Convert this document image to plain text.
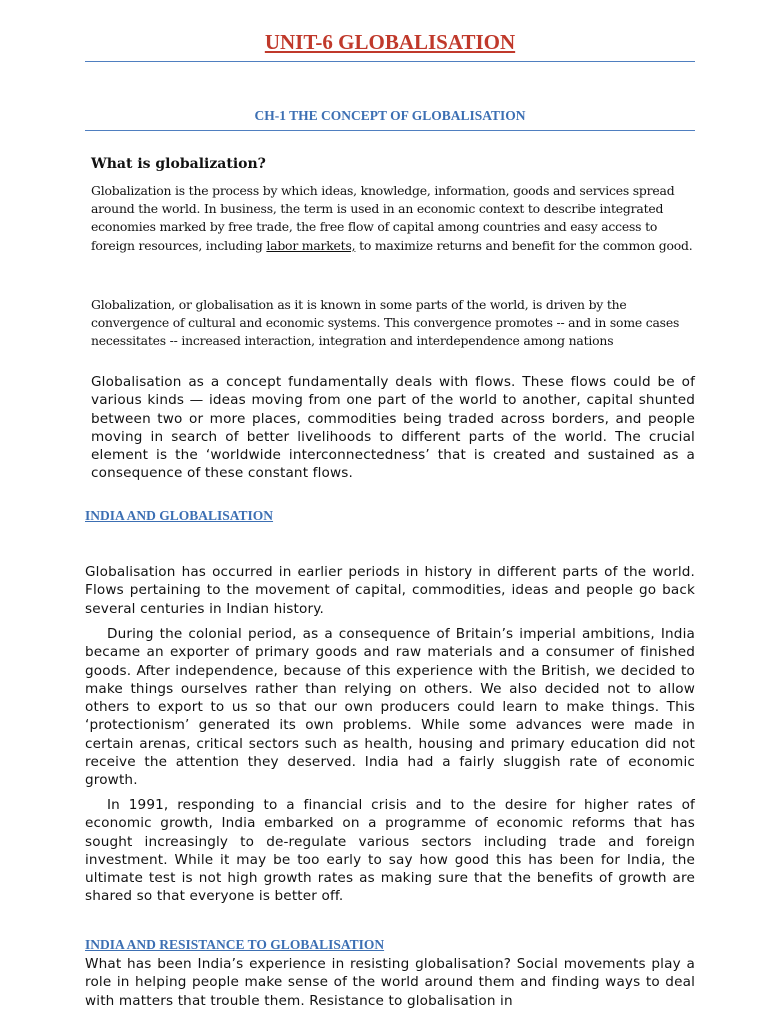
UNIT-6 GLOBALISATION
CH-1 THE CONCEPT OF GLOBALISATION
What is globalization?

Globalization is the process by which ideas, knowledge, information, goods and services spread around the world. In business, the term is used in an economic context to describe integrated economies marked by free trade, the free flow of capital among countries and easy access to foreign resources, including labor markets, to maximize returns and benefit for the common good.

Globalization, or globalisation as it is known in some parts of the world, is driven by the convergence of cultural and economic systems. This convergence promotes -- and in some cases necessitates -- increased interaction, integration and interdependence among nations

Globalisation as a concept fundamentally deals with flows. These flows could be of various kinds — ideas moving from one part of the world to another, capital shunted between two or more places, commodities being traded across borders, and people moving in search of better livelihoods to different parts of the world. The crucial element is the ‘worldwide interconnectedness’ that is created and sustained as a consequence of these constant flows.

INDIA AND GLOBALISATION

Globalisation has occurred in earlier periods in history in different parts of the world. Flows pertaining to the movement of capital, commodities, ideas and people go back several centuries in Indian history.

During the colonial period, as a consequence of Britain’s imperial ambitions, India became an exporter of primary goods and raw materials and a consumer of finished goods. After independence, because of this experience with the British, we decided to make things ourselves rather than relying on others. We also decided not to allow others to export to us so that our own producers could learn to make things. This ‘protectionism’ generated its own problems. While some advances were made in certain arenas, critical sectors such as health, housing and primary education did not receive the attention they deserved. India had a fairly sluggish rate of economic growth.

In 1991, responding to a financial crisis and to the desire for higher rates of economic growth, India embarked on a programme of economic reforms that has sought increasingly to de-regulate various sectors including trade and foreign investment. While it may be too early to say how good this has been for India, the ultimate test is not high growth rates as making sure that the benefits of growth are shared so that everyone is better off.

INDIA AND RESISTANCE TO GLOBALISATION

What has been India’s experience in resisting globalisation? Social movements play a role in helping people make sense of the world around them and finding ways to deal with matters that trouble them. Resistance to globalisation in
